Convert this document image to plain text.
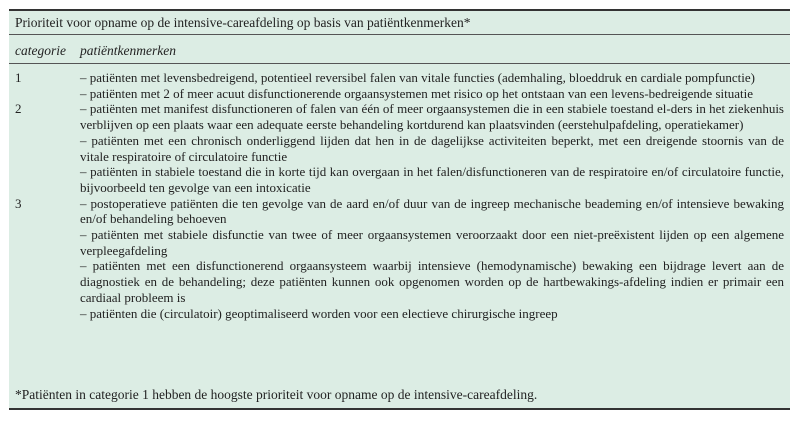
Prioriteit voor opname op de intensive-careafdeling op basis van patiëntkenmerken*
categorie patiëntkenmerken
1	– patiënten met levensbedreigend, potentieel reversibel falen van vitale functies (ademhaling, bloeddruk en cardiale pompfunctie)
– patiënten met 2 of meer acuut disfunctionerende orgaansystemen met risico op het ontstaan van een levens-bedreigende situatie
2	– patiënten met manifest disfunctioneren of falen van één of meer orgaansystemen die in een stabiele toestand el-ders in het ziekenhuis verblijven op een plaats waar een adequate eerste behandeling kortdurend kan plaatsvinden (eerstehulpafdeling, operatiekamer)
– patiënten met een chronisch onderliggend lijden dat hen in de dagelijkse activiteiten beperkt, met een dreigende stoornis van de vitale respiratoire of circulatoire functie
– patiënten in stabiele toestand die in korte tijd kan overgaan in het falen/disfunctioneren van de respiratoire en/of circulatoire functie, bijvoorbeeld ten gevolge van een intoxicatie
3	– postoperatieve patiënten die ten gevolge van de aard en/of duur van de ingreep mechanische beademing en/of intensieve bewaking en/of behandeling behoeven
– patiënten met stabiele disfunctie van twee of meer orgaansystemen veroorzaakt door een niet-preëxistent lijden op een algemene verpleegafdeling
– patiënten met een disfunctionerend orgaansysteem waarbij intensieve (hemodynamische) bewaking een bijdrage levert aan de diagnostiek en de behandeling; deze patiënten kunnen ook opgenomen worden op de hartbewakings-afdeling indien er primair een cardiaal probleem is
– patiënten die (circulatoir) geoptimaliseerd worden voor een electieve chirurgische ingreep
*Patiënten in categorie 1 hebben de hoogste prioriteit voor opname op de intensive-careafdeling.
